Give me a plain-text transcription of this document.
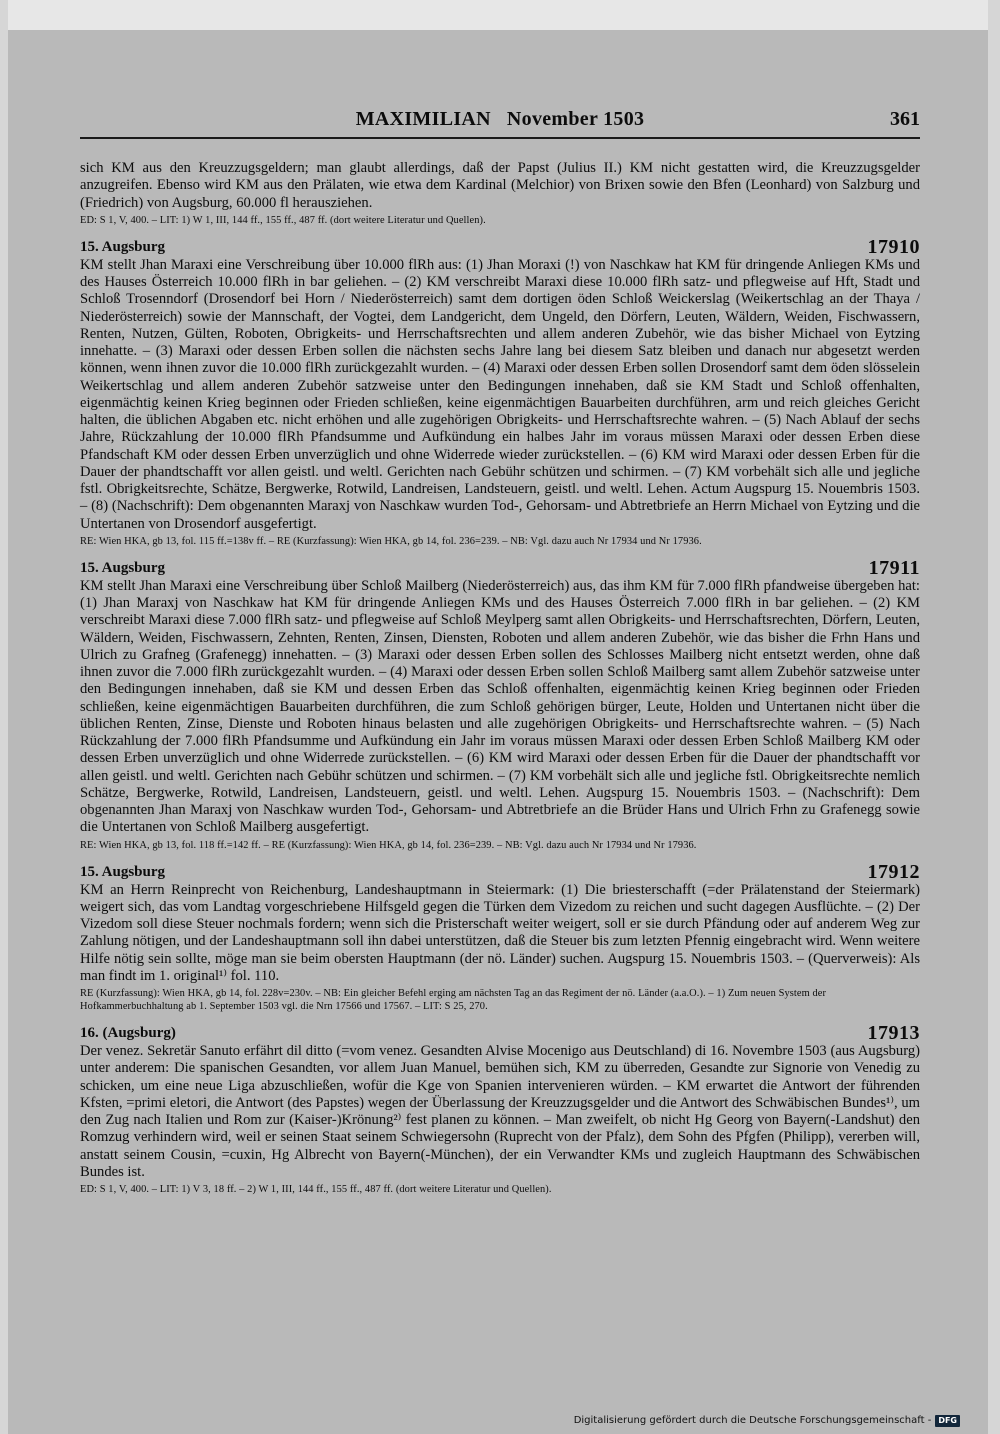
MAXIMILIAN November 1503	361

sich KM aus den Kreuzzugsgeldern; man glaubt allerdings, daß der Papst (Julius II.) KM nicht gestatten wird, die Kreuzzugsgelder anzugreifen. Ebenso wird KM aus den Prälaten, wie etwa dem Kardinal (Melchior) von Brixen sowie den Bfen (Leonhard) von Salzburg und (Friedrich) von Augsburg, 60.000 fl herausziehen.

ED: S 1, V, 400. – LIT: 1) W 1, III, 144 ff., 155 ff., 487 ff. (dort weitere Literatur und Quellen).

15. Augsburg	17910

KM stellt Jhan Maraxi eine Verschreibung über 10.000 flRh aus: (1) Jhan Moraxi (!) von Naschkaw hat KM für dringende Anliegen KMs und des Hauses Österreich 10.000 flRh in bar geliehen. – (2) KM verschreibt Maraxi diese 10.000 flRh satz- und pflegweise auf Hft, Stadt und Schloß Trosenndorf (Drosendorf bei Horn / Niederösterreich) samt dem dortigen öden Schloß Weickerslag (Weikertschlag an der Thaya / Niederösterreich) sowie der Mannschaft, der Vogtei, dem Landgericht, dem Ungeld, den Dörfern, Leuten, Wäldern, Weiden, Fischwassern, Renten, Nutzen, Gülten, Roboten, Obrigkeits- und Herrschaftsrechten und allem anderen Zubehör, wie das bisher Michael von Eytzing innehatte. – (3) Maraxi oder dessen Erben sollen die nächsten sechs Jahre lang bei diesem Satz bleiben und danach nur abgesetzt werden können, wenn ihnen zuvor die 10.000 flRh zurückgezahlt wurden. – (4) Maraxi oder dessen Erben sollen Drosendorf samt dem öden slösselein Weikertschlag und allem anderen Zubehör satzweise unter den Bedingungen innehaben, daß sie KM Stadt und Schloß offenhalten, eigenmächtig keinen Krieg beginnen oder Frieden schließen, keine eigenmächtigen Bauarbeiten durchführen, arm und reich gleiches Gericht halten, die üblichen Abgaben etc. nicht erhöhen und alle zugehörigen Obrigkeits- und Herrschaftsrechte wahren. – (5) Nach Ablauf der sechs Jahre, Rückzahlung der 10.000 flRh Pfandsumme und Aufkündung ein halbes Jahr im voraus müssen Maraxi oder dessen Erben diese Pfandschaft KM oder dessen Erben unverzüglich und ohne Widerrede wieder zurückstellen. – (6) KM wird Maraxi oder dessen Erben für die Dauer der phandtschafft vor allen geistl. und weltl. Gerichten nach Gebühr schützen und schirmen. – (7) KM vorbehält sich alle und jegliche fstl. Obrigkeitsrechte, Schätze, Bergwerke, Rotwild, Landreisen, Landsteuern, geistl. und weltl. Lehen. Actum Augspurg 15. Nouembris 1503. – (8) (Nachschrift): Dem obgenannten Maraxj von Naschkaw wurden Tod-, Gehorsam- und Abtretbriefe an Herrn Michael von Eytzing und die Untertanen von Drosendorf ausgefertigt.

RE: Wien HKA, gb 13, fol. 115 ff.=138v ff. – RE (Kurzfassung): Wien HKA, gb 14, fol. 236=239. – NB: Vgl. dazu auch Nr 17934 und Nr 17936.

15. Augsburg	17911

KM stellt Jhan Maraxi eine Verschreibung über Schloß Mailberg (Niederösterreich) aus, das ihm KM für 7.000 flRh pfandweise übergeben hat: (1) Jhan Maraxj von Naschkaw hat KM für dringende Anliegen KMs und des Hauses Österreich 7.000 flRh in bar geliehen. – (2) KM verschreibt Maraxi diese 7.000 flRh satz- und pflegweise auf Schloß Meylperg samt allen Obrigkeits- und Herrschaftsrechten, Dörfern, Leuten, Wäldern, Weiden, Fischwassern, Zehnten, Renten, Zinsen, Diensten, Roboten und allem anderen Zubehör, wie das bisher die Frhn Hans und Ulrich zu Grafneg (Grafenegg) innehatten. – (3) Maraxi oder dessen Erben sollen des Schlosses Mailberg nicht entsetzt werden, ohne daß ihnen zuvor die 7.000 flRh zurückgezahlt wurden. – (4) Maraxi oder dessen Erben sollen Schloß Mailberg samt allem Zubehör satzweise unter den Bedingungen innehaben, daß sie KM und dessen Erben das Schloß offenhalten, eigenmächtig keinen Krieg beginnen oder Frieden schließen, keine eigenmächtigen Bauarbeiten durchführen, die zum Schloß gehörigen bürger, Leute, Holden und Untertanen nicht über die üblichen Renten, Zinse, Dienste und Roboten hinaus belasten und alle zugehörigen Obrigkeits- und Herrschaftsrechte wahren. – (5) Nach Rückzahlung der 7.000 flRh Pfandsumme und Aufkündung ein Jahr im voraus müssen Maraxi oder dessen Erben Schloß Mailberg KM oder dessen Erben unverzüglich und ohne Widerrede zurückstellen. – (6) KM wird Maraxi oder dessen Erben für die Dauer der phandtschafft vor allen geistl. und weltl. Gerichten nach Gebühr schützen und schirmen. – (7) KM vorbehält sich alle und jegliche fstl. Obrigkeitsrechte nemlich Schätze, Bergwerke, Rotwild, Landreisen, Landsteuern, geistl. und weltl. Lehen. Augspurg 15. Nouembris 1503. – (Nachschrift): Dem obgenannten Jhan Maraxj von Naschkaw wurden Tod-, Gehorsam- und Abtretbriefe an die Brüder Hans und Ulrich Frhn zu Grafenegg sowie die Untertanen von Schloß Mailberg ausgefertigt.

RE: Wien HKA, gb 13, fol. 118 ff.=142 ff. – RE (Kurzfassung): Wien HKA, gb 14, fol. 236=239. – NB: Vgl. dazu auch Nr 17934 und Nr 17936.

15. Augsburg	17912

KM an Herrn Reinprecht von Reichenburg, Landeshauptmann in Steiermark: (1) Die briesterschafft (=der Prälatenstand der Steiermark) weigert sich, das vom Landtag vorgeschriebene Hilfsgeld gegen die Türken dem Vizedom zu reichen und sucht dagegen Ausflüchte. – (2) Der Vizedom soll diese Steuer nochmals fordern; wenn sich die Pristerschaft weiter weigert, soll er sie durch Pfändung oder auf anderem Weg zur Zahlung nötigen, und der Landeshauptmann soll ihn dabei unterstützen, daß die Steuer bis zum letzten Pfennig eingebracht wird. Wenn weitere Hilfe nötig sein sollte, möge man sie beim obersten Hauptmann (der nö. Länder) suchen. Augspurg 15. Nouembris 1503. – (Querverweis): Als man findt im 1. original¹⁾ fol. 110.

RE (Kurzfassung): Wien HKA, gb 14, fol. 228v=230v. – NB: Ein gleicher Befehl erging am nächsten Tag an das Regiment der nö. Länder (a.a.O.). – 1) Zum neuen System der Hofkammerbuchhaltung ab 1. September 1503 vgl. die Nrn 17566 und 17567. – LIT: S 25, 270.

16. (Augsburg)	17913

Der venez. Sekretär Sanuto erfährt dil ditto (=vom venez. Gesandten Alvise Mocenigo aus Deutschland) di 16. Novembre 1503 (aus Augsburg) unter anderem: Die spanischen Gesandten, vor allem Juan Manuel, bemühen sich, KM zu überreden, Gesandte zur Signorie von Venedig zu schicken, um eine neue Liga abzuschließen, wofür die Kge von Spanien intervenieren würden. – KM erwartet die Antwort der führenden Kfsten, =primi eletori, die Antwort (des Papstes) wegen der Überlassung der Kreuzzugsgelder und die Antwort des Schwäbischen Bundes¹⁾, um den Zug nach Italien und Rom zur (Kaiser-)Krönung²⁾ fest planen zu können. – Man zweifelt, ob nicht Hg Georg von Bayern(-Landshut) den Romzug verhindern wird, weil er seinen Staat seinem Schwiegersohn (Ruprecht von der Pfalz), dem Sohn des Pfgfen (Philipp), vererben will, anstatt seinem Cousin, =cuxin, Hg Albrecht von Bayern(-München), der ein Verwandter KMs und zugleich Hauptmann des Schwäbischen Bundes ist.

ED: S 1, V, 400. – LIT: 1) V 3, 18 ff. – 2) W 1, III, 144 ff., 155 ff., 487 ff. (dort weitere Literatur und Quellen).

Digitalisierung gefördert durch die Deutsche Forschungsgemeinschaft - DFG
